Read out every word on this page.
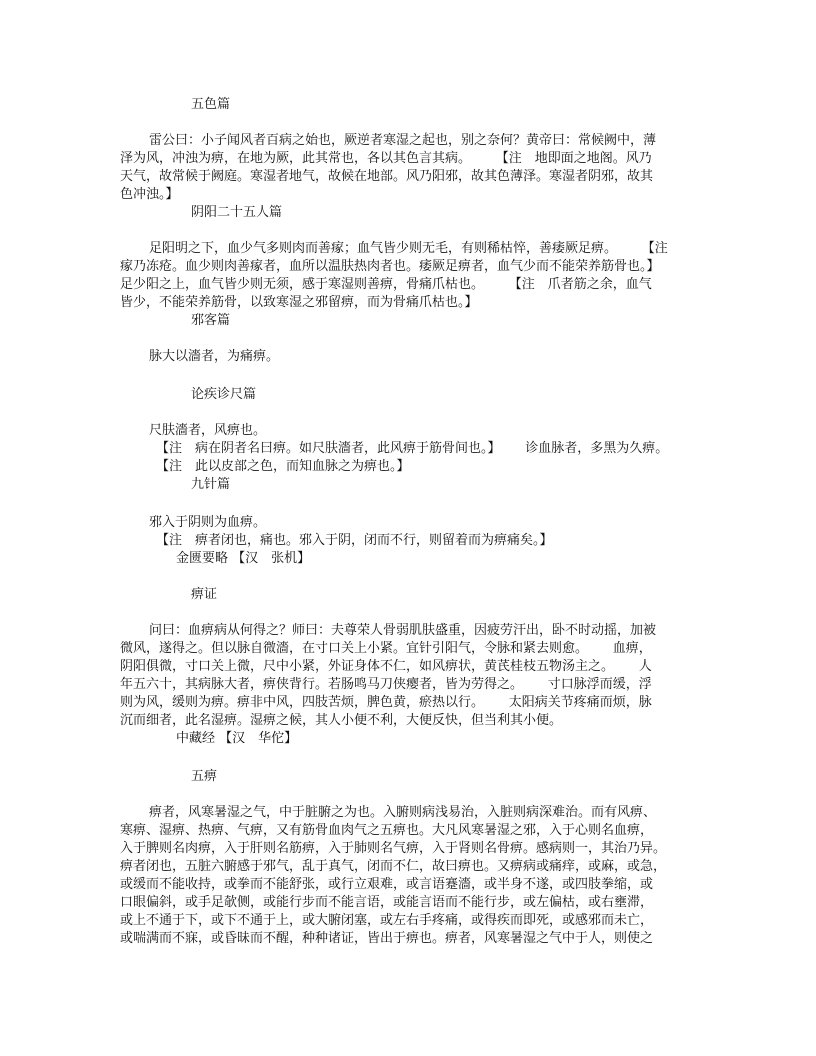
五色篇
雷公曰：小子闻风者百病之始也，厥逆者寒湿之起也，别之奈何？黄帝曰：常候阙中，薄
泽为风，冲浊为痹，在地为厥，此其常也，各以其色言其病。      【注　地即面之地阁。风乃
天气，故常候于阙庭。寒湿者地气，故候在地部。风乃阳邪，故其色薄泽。寒湿者阴邪，故其
色冲浊。】
阴阳二十五人篇
足阳明之下，血少气多则肉而善瘃；血气皆少则无毛，有则稀枯悴，善痿厥足痹。      【注
瘃乃冻疮。血少则肉善瘃者，血所以温肤热肉者也。痿厥足痹者，血气少而不能荣养筋骨也。】
足少阳之上，血气皆少则无须，感于寒湿则善痹，骨痛爪枯也。      【注　爪者筋之余，血气
皆少，不能荣养筋骨，以致寒湿之邪留痹，而为骨痛爪枯也。】
邪客篇
脉大以濇者，为痛痹。
论疾诊尺篇
尺肤濇者，风痹也。
【注　病在阴者名曰痹。如尺肤濇者，此风痹于筋骨间也。】      诊血脉者，多黑为久痹。
【注　此以皮部之色，而知血脉之为痹也。】
九针篇
邪入于阴则为血痹。
【注　痹者闭也，痛也。邪入于阴，闭而不行，则留着而为痹痛矣。】
金匮要略 【汉　张机】
痹证
问曰：血痹病从何得之？师曰：夫尊荣人骨弱肌肤盛重，因疲劳汗出，卧不时动摇，加被
微风，遂得之。但以脉自微濇，在寸口关上小紧。宜针引阳气，令脉和紧去则愈。      血痹，
阴阳俱微，寸口关上微，尺中小紧，外证身体不仁，如风痹状，黄芪桂枝五物汤主之。      人
年五六十，其病脉大者，痹侠背行。若肠鸣马刀侠瘿者，皆为劳得之。      寸口脉浮而缓，浮
则为风，缓则为痹。痹非中风，四肢苦烦，脾色黄，瘀热以行。      太阳病关节疼痛而烦，脉
沉而细者，此名湿痹。湿痹之候，其人小便不利，大便反快，但当利其小便。
中藏经 【汉　华佗】
五痹
痹者，风寒暑湿之气，中于脏腑之为也。入腑则病浅易治，入脏则病深难治。而有风痹、
寒痹、湿痹、热痹、气痹，又有筋骨血肉气之五痹也。大凡风寒暑湿之邪，入于心则名血痹，
入于脾则名肉痹，入于肝则名筋痹，入于肺则名气痹，入于肾则名骨痹。感病则一，其治乃异。
痹者闭也，五脏六腑感于邪气，乱于真气，闭而不仁，故曰痹也。又痹病或痛痒，或麻，或急，
或缓而不能收持，或拳而不能舒张，或行立艰难，或言语蹇濇，或半身不遂，或四肢拳缩，或
口眼偏斜，或手足欹侧，或能行步而不能言语，或能言语而不能行步，或左偏枯，或右壅滞，
或上不通于下，或下不通于上，或大腑闭塞，或左右手疼痛，或得疾而即死，或感邪而未亡，
或喘满而不寐，或昏昧而不醒，种种诸证，皆出于痹也。痹者，风寒暑湿之气中于人，则使之
